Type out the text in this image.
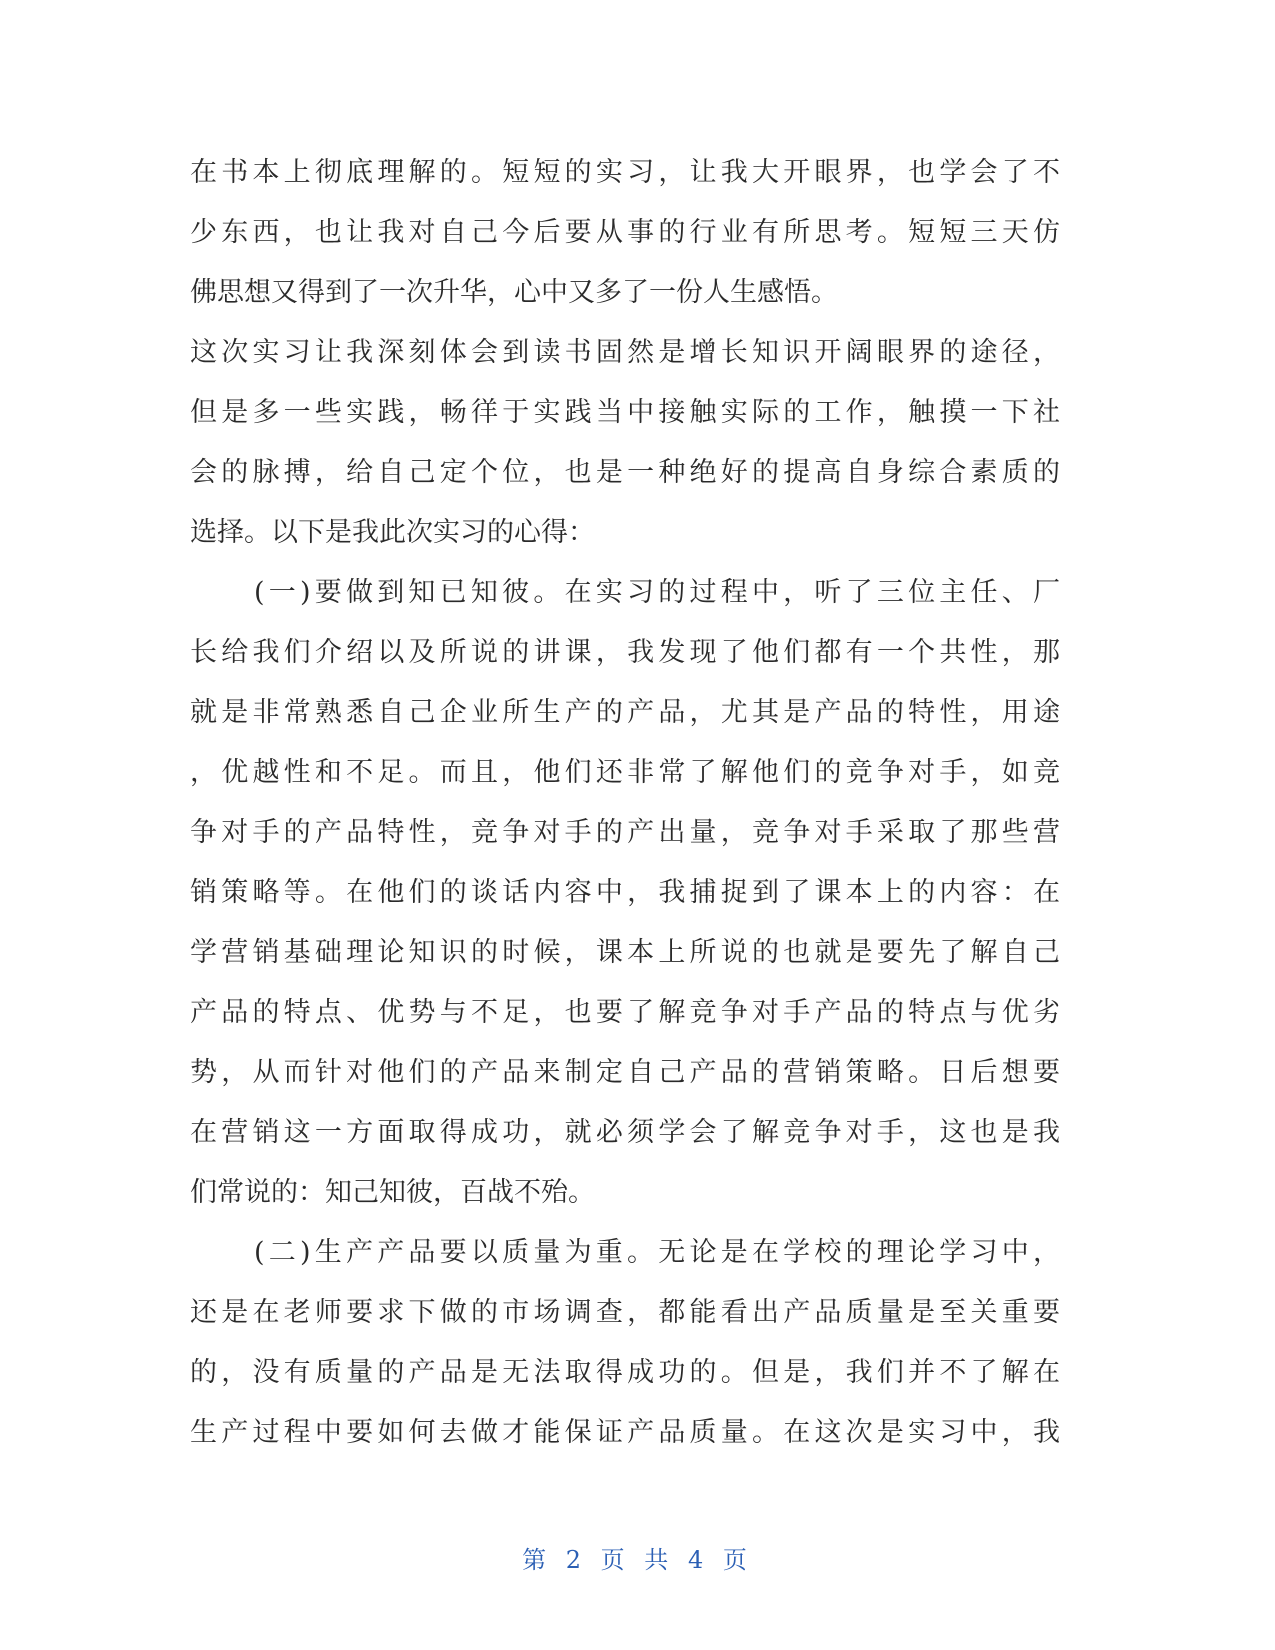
在书本上彻底理解的。短短的实习，让我大开眼界，也学会了不
少东西，也让我对自己今后要从事的行业有所思考。短短三天仿
佛思想又得到了一次升华，心中又多了一份人生感悟。
这次实习让我深刻体会到读书固然是增长知识开阔眼界的途径，
但是多一些实践，畅徉于实践当中接触实际的工作，触摸一下社
会的脉搏，给自己定个位，也是一种绝好的提高自身综合素质的
选择。以下是我此次实习的心得：
(一)要做到知已知彼。在实习的过程中，听了三位主任、厂
长给我们介绍以及所说的讲课，我发现了他们都有一个共性，那
就是非常熟悉自己企业所生产的产品，尤其是产品的特性，用途
，优越性和不足。而且，他们还非常了解他们的竞争对手，如竞
争对手的产品特性，竞争对手的产出量，竞争对手采取了那些营
销策略等。在他们的谈话内容中，我捕捉到了课本上的内容：在
学营销基础理论知识的时候，课本上所说的也就是要先了解自己
产品的特点、优势与不足，也要了解竞争对手产品的特点与优劣
势，从而针对他们的产品来制定自己产品的营销策略。日后想要
在营销这一方面取得成功，就必须学会了解竞争对手，这也是我
们常说的：知己知彼，百战不殆。
(二)生产产品要以质量为重。无论是在学校的理论学习中，
还是在老师要求下做的市场调查，都能看出产品质量是至关重要
的，没有质量的产品是无法取得成功的。但是，我们并不了解在
生产过程中要如何去做才能保证产品质量。在这次是实习中，我
第 2 页 共 4 页
